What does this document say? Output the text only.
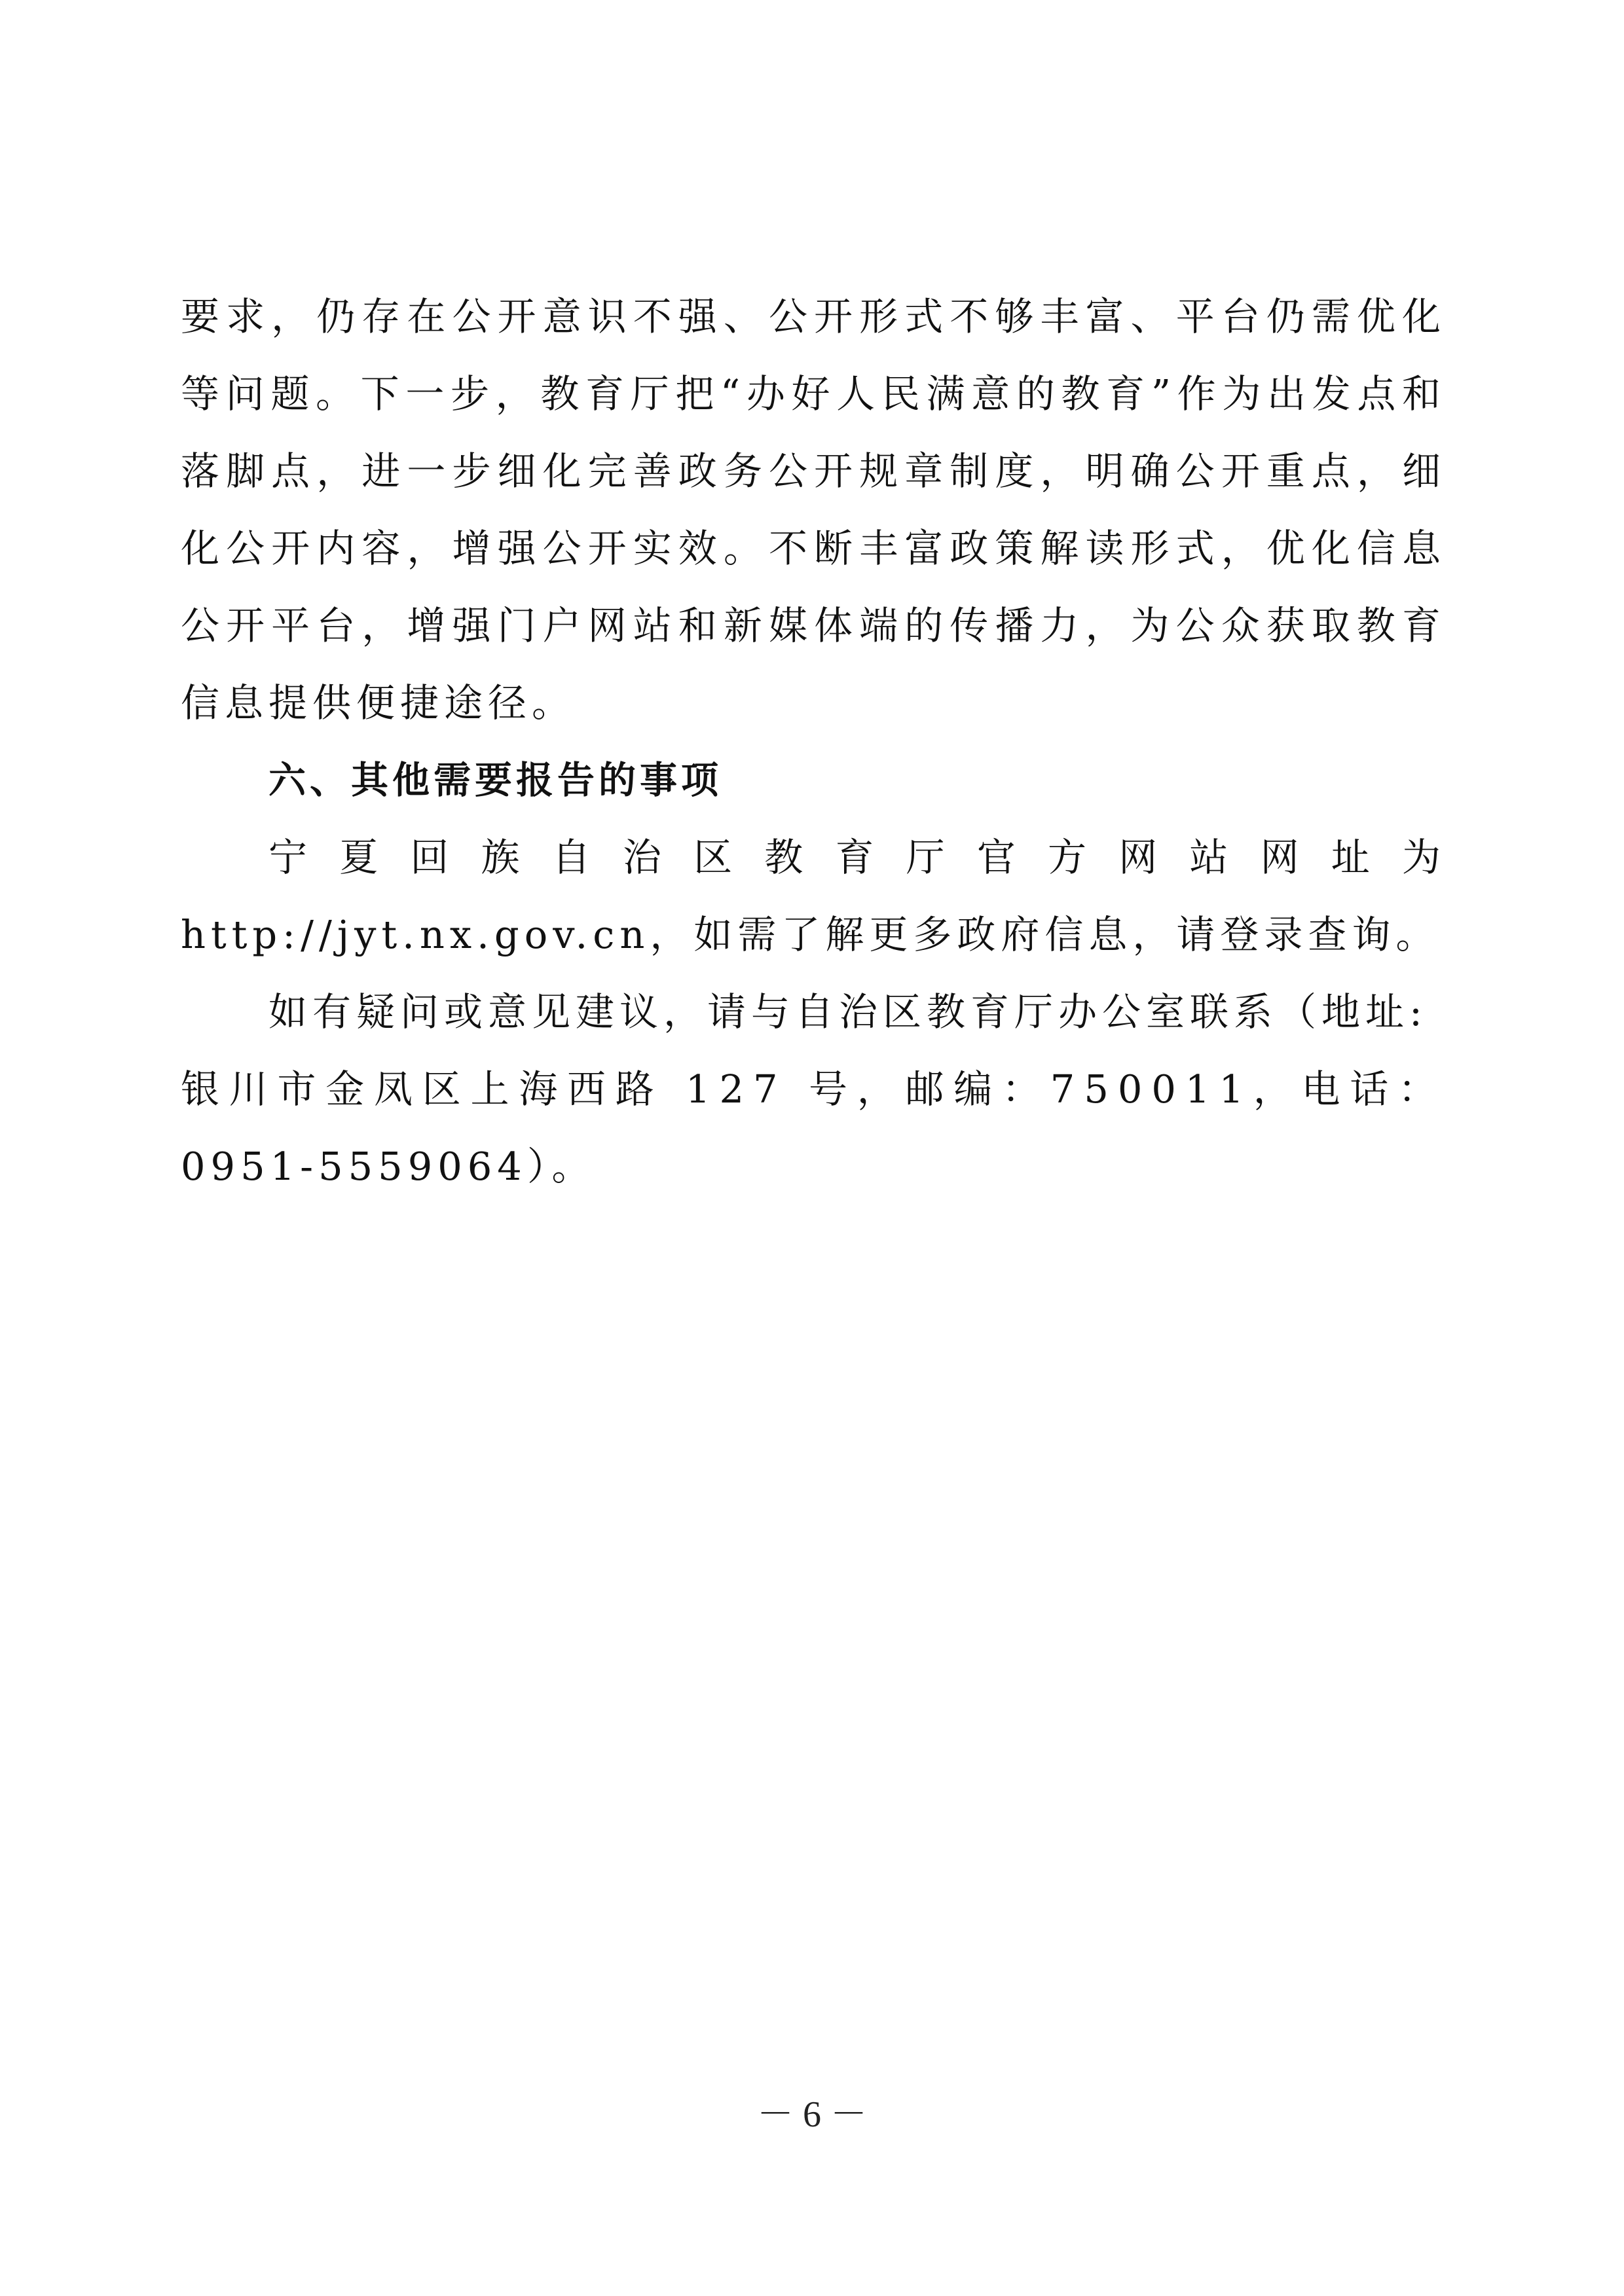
要求，仍存在公开意识不强、公开形式不够丰富、平台仍需优化等问题。下一步，教育厅把“办好人民满意的教育”作为出发点和落脚点，进一步细化完善政务公开规章制度，明确公开重点，细化公开内容，增强公开实效。不断丰富政策解读形式，优化信息公开平台，增强门户网站和新媒体端的传播力，为公众获取教育信息提供便捷途径。

六、其他需要报告的事项

宁夏回族自治区教育厅官方网站网址为 http://jyt.nx.gov.cn，如需了解更多政府信息，请登录查询。

如有疑问或意见建议，请与自治区教育厅办公室联系（地址:

银川市金凤区上海西路 127 号，邮编：750011，电话：

0951-5559064）。

－ 6 －
